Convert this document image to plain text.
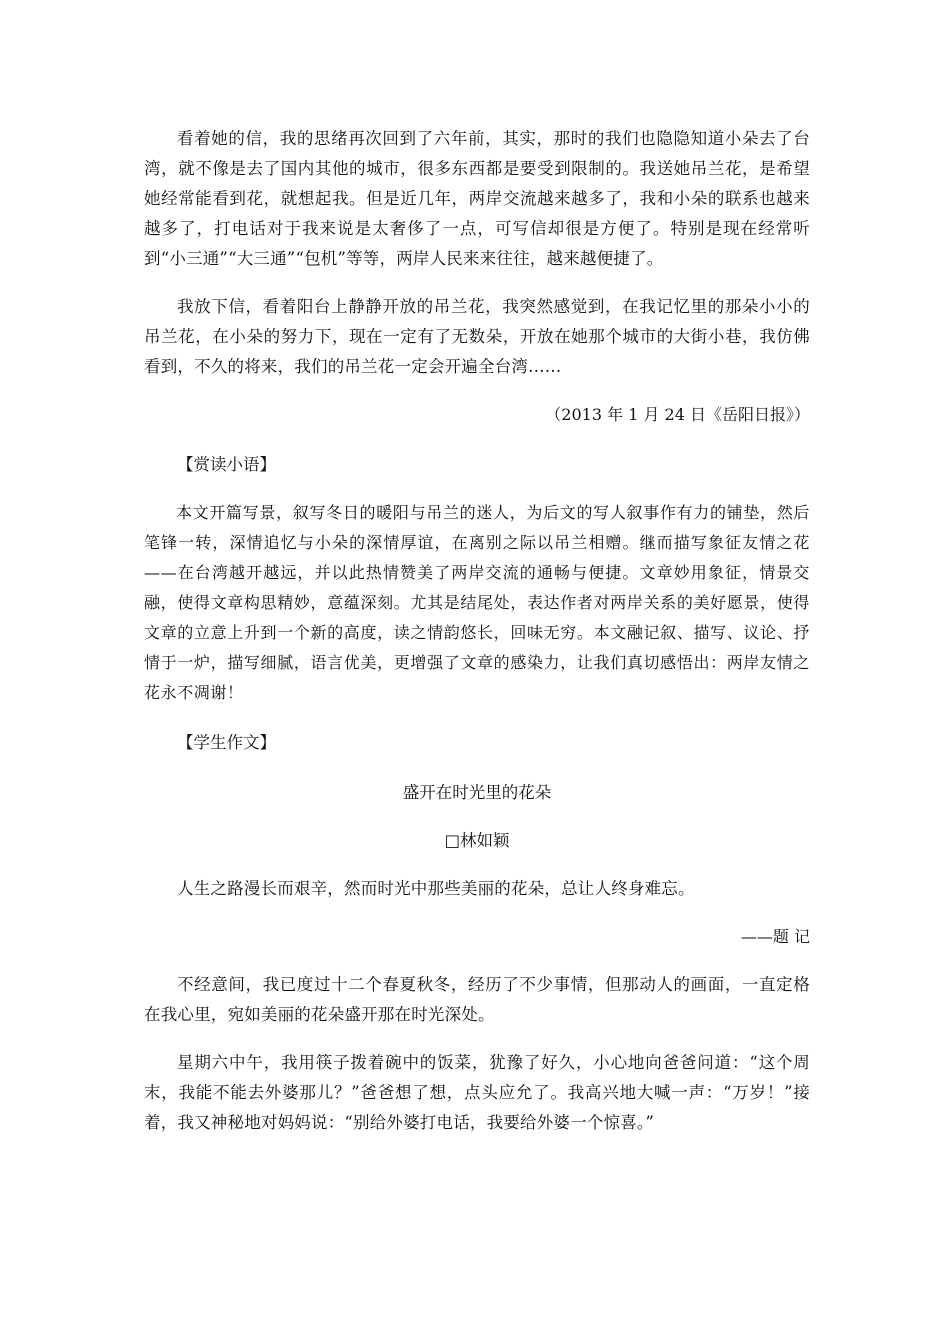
看着她的信，我的思绪再次回到了六年前，其实，那时的我们也隐隐知道小朵去了台湾，就不像是去了国内其他的城市，很多东西都是要受到限制的。我送她吊兰花，是希望她经常能看到花，就想起我。但是近几年，两岸交流越来越多了，我和小朵的联系也越来越多了，打电话对于我来说是太奢侈了一点，可写信却很是方便了。特别是现在经常听到“小三通”“大三通”“包机”等等，两岸人民来来往往，越来越便捷了。

我放下信，看着阳台上静静开放的吊兰花，我突然感觉到，在我记忆里的那朵小小的吊兰花，在小朵的努力下，现在一定有了无数朵，开放在她那个城市的大街小巷，我仿佛看到，不久的将来，我们的吊兰花一定会开遍全台湾……

（2013 年 1 月 24 日《岳阳日报》）

【赏读小语】

本文开篇写景，叙写冬日的暖阳与吊兰的迷人，为后文的写人叙事作有力的铺垫，然后笔锋一转，深情追忆与小朵的深情厚谊，在离别之际以吊兰相赠。继而描写象征友情之花——在台湾越开越远，并以此热情赞美了两岸交流的通畅与便捷。文章妙用象征，情景交融，使得文章构思精妙，意蕴深刻。尤其是结尾处，表达作者对两岸关系的美好愿景，使得文章的立意上升到一个新的高度，读之情韵悠长，回味无穷。本文融记叙、描写、议论、抒情于一炉，描写细腻，语言优美，更增强了文章的感染力，让我们真切感悟出：两岸友情之花永不凋谢！

【学生作文】

盛开在时光里的花朵

□林如颖

人生之路漫长而艰辛，然而时光中那些美丽的花朵，总让人终身难忘。

——题 记

不经意间，我已度过十二个春夏秋冬，经历了不少事情，但那动人的画面，一直定格在我心里，宛如美丽的花朵盛开那在时光深处。

星期六中午，我用筷子拨着碗中的饭菜，犹豫了好久，小心地向爸爸问道：“这个周末，我能不能去外婆那儿？”爸爸想了想，点头应允了。我高兴地大喊一声：“万岁！”接着，我又神秘地对妈妈说：“别给外婆打电话，我要给外婆一个惊喜。”
